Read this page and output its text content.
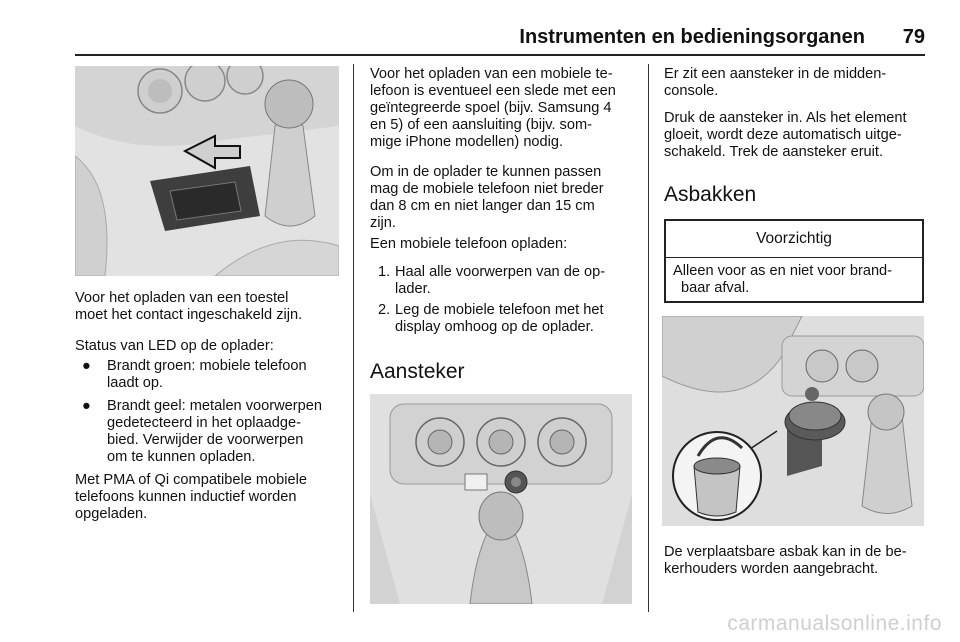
Instrumenten en bedieningsorganen 79

Voor het opladen van een toestel

moet het contact ingeschakeld zijn.

Status van LED op de oplader:

● Brandt groen: mobiele telefoon

laadt op.

● Brandt geel: metalen voorwerpen

gedetecteerd in het oplaadge-

bied. Verwijder de voorwerpen

om te kunnen opladen.

Met PMA of Qi compatibele mobiele

telefoons kunnen inductief worden

opgeladen.

Voor het opladen van een mobiele te-

lefoon is eventueel een slede met een

geïntegreerde spoel (bijv. Samsung 4

en 5) of een aansluiting (bijv. som-

mige iPhone modellen) nodig.

Om in de oplader te kunnen passen

mag de mobiele telefoon niet breder

dan 8 cm en niet langer dan 15 cm

zijn.

Een mobiele telefoon opladen:

1. Haal alle voorwerpen van de op-

lader.

2. Leg de mobiele telefoon met het

display omhoog op de oplader.

Aansteker

Er zit een aansteker in de midden-

console.

Druk de aansteker in. Als het element

gloeit, wordt deze automatisch uitge-

schakeld. Trek de aansteker eruit.

Asbakken
Voorzichtig

Alleen voor as en niet voor brand-

baar afval.

De verplaatsbare asbak kan in de be-

kerhouders worden aangebracht.

carmanualsonline.info
